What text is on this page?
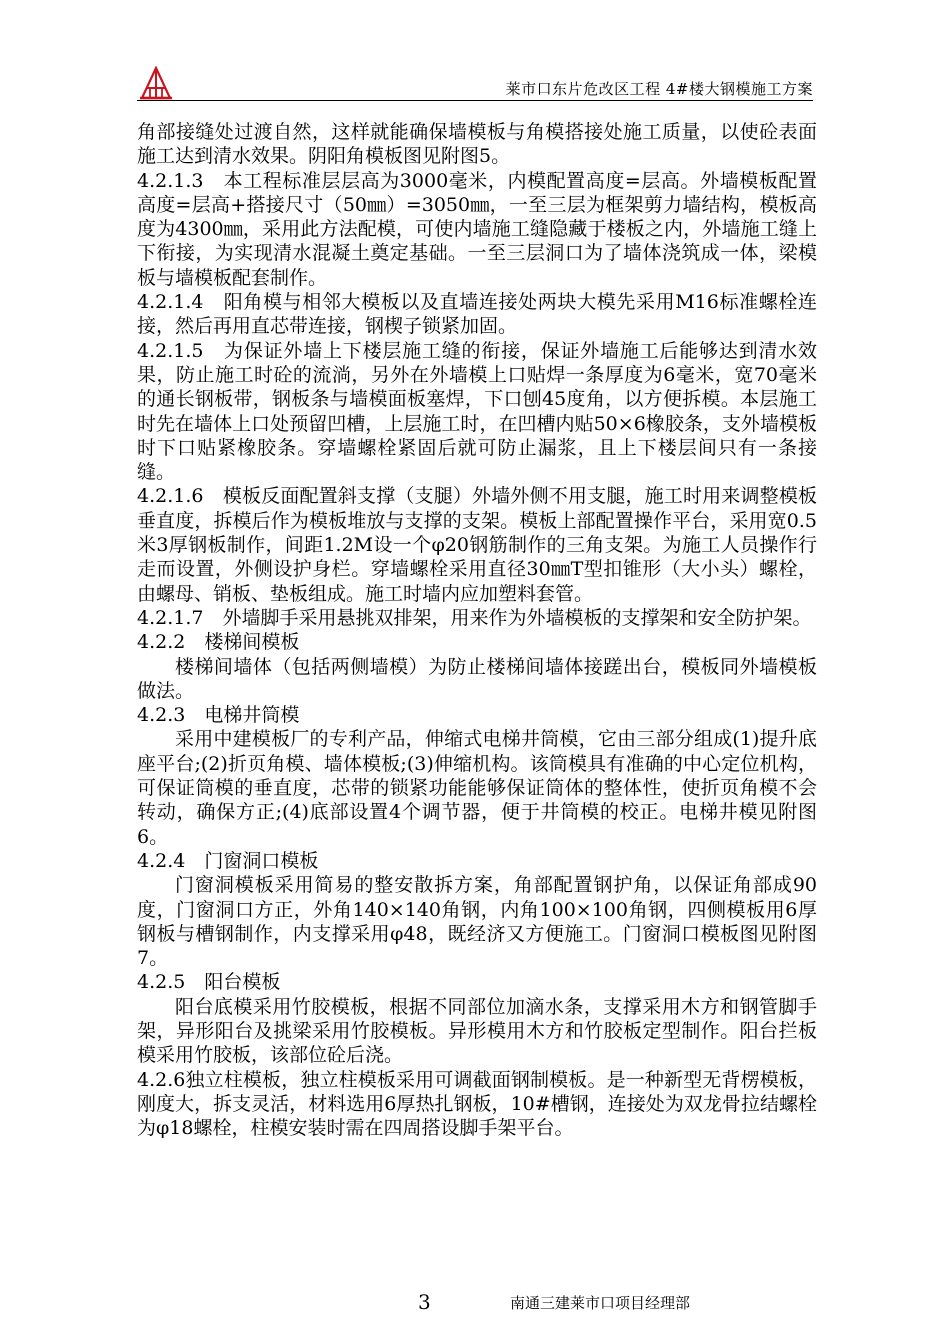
莱市口东片危改区工程 4#楼大钢模施工方案

角部接缝处过渡自然，这样就能确保墙模板与角模搭接处施工质量，以使砼表面施工达到清水效果。阴阳角模板图见附图5。

4.2.1.3　本工程标准层层高为3000毫米，内模配置高度=层高。外墙模板配置高度=层高+搭接尺寸（50㎜）=3050㎜，一至三层为框架剪力墙结构，模板高度为4300㎜，采用此方法配模，可使内墙施工缝隐藏于楼板之内，外墙施工缝上下衔接，为实现清水混凝土奠定基础。一至三层洞口为了墙体浇筑成一体，梁模板与墙模板配套制作。

4.2.1.4　阳角模与相邻大模板以及直墙连接处两块大模先采用M16标准螺栓连接，然后再用直芯带连接，钢楔子锁紧加固。

4.2.1.5　为保证外墙上下楼层施工缝的衔接，保证外墙施工后能够达到清水效果，防止施工时砼的流淌，另外在外墙模上口贴焊一条厚度为6毫米，宽70毫米的通长钢板带，钢板条与墙模面板塞焊，下口刨45度角，以方便拆模。本层施工时先在墙体上口处预留凹槽，上层施工时，在凹槽内贴50×6橡胶条，支外墙模板时下口贴紧橡胶条。穿墙螺栓紧固后就可防止漏浆，且上下楼层间只有一条接缝。

4.2.1.6　模板反面配置斜支撑（支腿）外墙外侧不用支腿，施工时用来调整模板垂直度，拆模后作为模板堆放与支撑的支架。模板上部配置操作平台，采用宽0.5米3厚钢板制作，间距1.2M设一个φ20钢筋制作的三角支架。为施工人员操作行走而设置，外侧设护身栏。穿墙螺栓采用直径30㎜T型扣锥形（大小头）螺栓，由螺母、销板、垫板组成。施工时墙内应加塑料套管。

4.2.1.7　外墙脚手采用悬挑双排架，用来作为外墙模板的支撑架和安全防护架。

4.2.2　楼梯间模板

楼梯间墙体（包括两侧墙模）为防止楼梯间墙体接蹉出台，模板同外墙模板做法。

4.2.3　电梯井筒模

采用中建模板厂的专利产品，伸缩式电梯井筒模，它由三部分组成(1)提升底座平台;(2)折页角模、墙体模板;(3)伸缩机构。该筒模具有准确的中心定位机构，可保证筒模的垂直度，芯带的锁紧功能能够保证筒体的整体性，使折页角模不会转动，确保方正;(4)底部设置4个调节器，便于井筒模的校正。电梯井模见附图6。

4.2.4　门窗洞口模板

门窗洞模板采用简易的整安散拆方案，角部配置钢护角，以保证角部成90度，门窗洞口方正，外角140×140角钢，内角100×100角钢，四侧模板用6厚钢板与槽钢制作，内支撑采用φ48，既经济又方便施工。门窗洞口模板图见附图7。

4.2.5　阳台模板

阳台底模采用竹胶模板，根据不同部位加滴水条，支撑采用木方和钢管脚手架，异形阳台及挑梁采用竹胶模板。异形模用木方和竹胶板定型制作。阳台拦板模采用竹胶板，该部位砼后浇。

4.2.6独立柱模板，独立柱模板采用可调截面钢制模板。是一种新型无背楞模板，刚度大，拆支灵活，材料选用6厚热扎钢板，10#槽钢，连接处为双龙骨拉结螺栓为φ18螺栓，柱模安装时需在四周搭设脚手架平台。

3	南通三建莱市口项目经理部
